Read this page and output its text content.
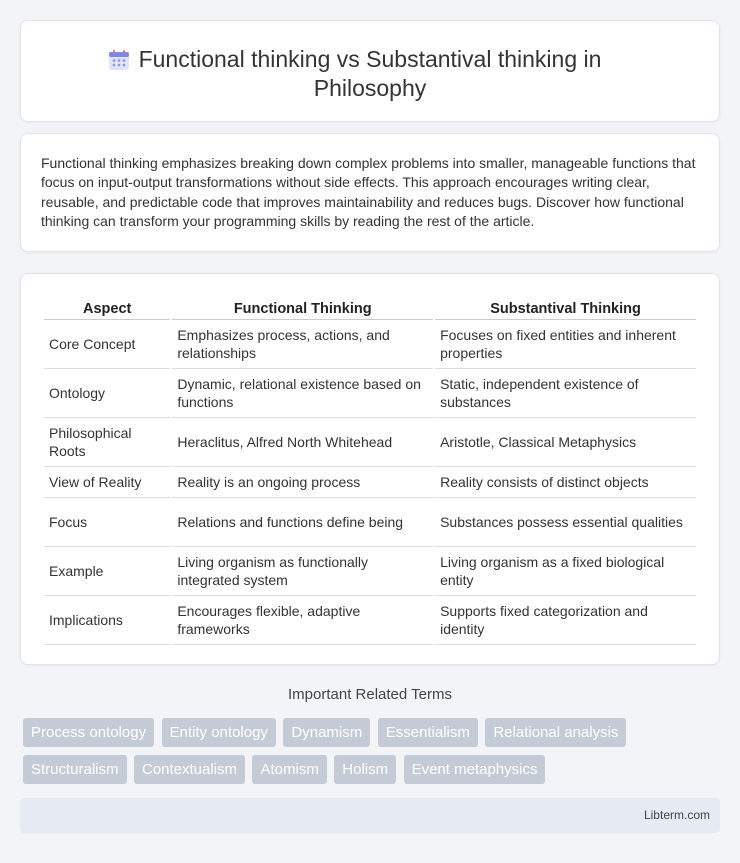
Functional thinking vs Substantival thinking in Philosophy

Functional thinking emphasizes breaking down complex problems into smaller, manageable functions that focus on input-output transformations without side effects. This approach encourages writing clear, reusable, and predictable code that improves maintainability and reduces bugs. Discover how functional thinking can transform your programming skills by reading the rest of the article.

Aspect	Functional Thinking	Substantival Thinking
Core Concept	Emphasizes process, actions, and relationships	Focuses on fixed entities and inherent properties
Ontology	Dynamic, relational existence based on functions	Static, independent existence of substances
Philosophical Roots	Heraclitus, Alfred North Whitehead	Aristotle, Classical Metaphysics
View of Reality	Reality is an ongoing process	Reality consists of distinct objects
Focus	Relations and functions define being	Substances possess essential qualities
Example	Living organism as functionally integrated system	Living organism as a fixed biological entity
Implications	Encourages flexible, adaptive frameworks	Supports fixed categorization and identity
Important Related Terms
Process ontology Entity ontology Dynamism Essentialism Relational analysis
Structuralism Contextualism Atomism Holism Event metaphysics
Libterm.com
